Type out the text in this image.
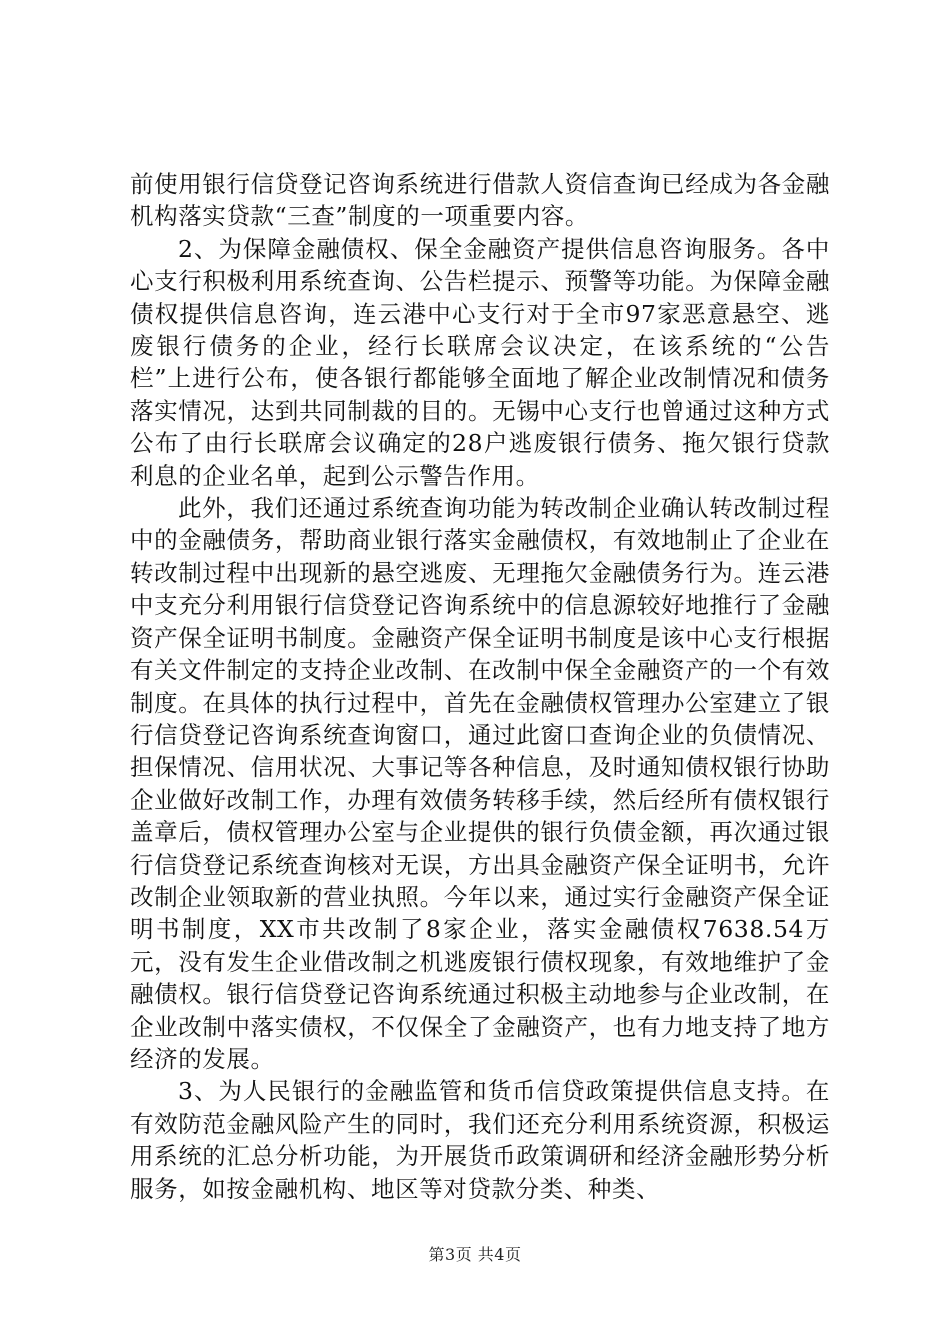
前使用银行信贷登记咨询系统进行借款人资信查询已经成为各金融机构落实贷款“三查”制度的一项重要内容。

2、为保障金融债权、保全金融资产提供信息咨询服务。各中心支行积极利用系统查询、公告栏提示、预警等功能。为保障金融债权提供信息咨询，连云港中心支行对于全市97家恶意悬空、逃废银行债务的企业，经行长联席会议决定，在该系统的“公告栏”上进行公布，使各银行都能够全面地了解企业改制情况和债务落实情况，达到共同制裁的目的。无锡中心支行也曾通过这种方式公布了由行长联席会议确定的28户逃废银行债务、拖欠银行贷款利息的企业名单，起到公示警告作用。

此外，我们还通过系统查询功能为转改制企业确认转改制过程中的金融债务，帮助商业银行落实金融债权，有效地制止了企业在转改制过程中出现新的悬空逃废、无理拖欠金融债务行为。连云港中支充分利用银行信贷登记咨询系统中的信息源较好地推行了金融资产保全证明书制度。金融资产保全证明书制度是该中心支行根据有关文件制定的支持企业改制、在改制中保全金融资产的一个有效制度。在具体的执行过程中，首先在金融债权管理办公室建立了银行信贷登记咨询系统查询窗口，通过此窗口查询企业的负债情况、担保情况、信用状况、大事记等各种信息，及时通知债权银行协助企业做好改制工作，办理有效债务转移手续，然后经所有债权银行盖章后，债权管理办公室与企业提供的银行负债金额，再次通过银行信贷登记系统查询核对无误，方出具金融资产保全证明书，允许改制企业领取新的营业执照。今年以来，通过实行金融资产保全证明书制度，XX市共改制了8家企业，落实金融债权7638.54万元，没有发生企业借改制之机逃废银行债权现象，有效地维护了金融债权。银行信贷登记咨询系统通过积极主动地参与企业改制，在企业改制中落实债权，不仅保全了金融资产，也有力地支持了地方经济的发展。

3、为人民银行的金融监管和货币信贷政策提供信息支持。在有效防范金融风险产生的同时，我们还充分利用系统资源，积极运用系统的汇总分析功能，为开展货币政策调研和经济金融形势分析服务，如按金融机构、地区等对贷款分类、种类、

第3页 共4页
